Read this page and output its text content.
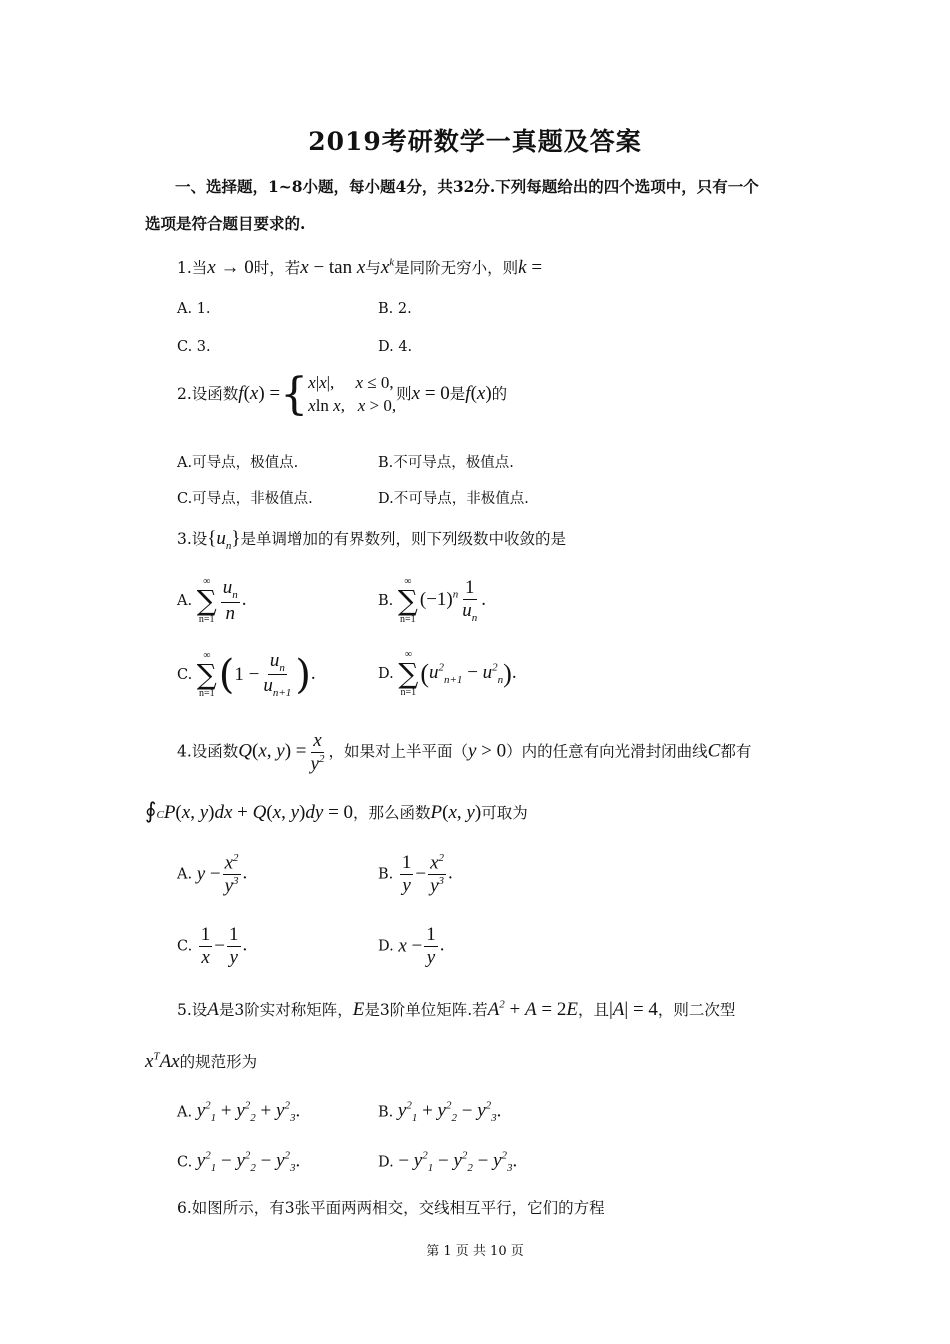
2019考研数学一真题及答案
一、选择题，1~8小题，每小题4分，共32分.下列每题给出的四个选项中，只有一个
选项是符合题目要求的.
1.当x → 0时，若x − tan x与$x^k$是同阶无穷小，则k =
A. 1.	B. 2.
C. 3.	D. 4.
2.设函数f(x) ={ x|x|,     x ≤ 0,
xln x,   x > 0,
则x = 0是f(x)的
A.可导点，极值点.	B.不可导点，极值点.
C.可导点，非极值点.	D.不可导点，非极值点.
3.设$\{u_n\}$是单调增加的有界数列，则下列级数中收敛的是
A.
∞
∑
$n=1 \frac{u_n}{n}$ .	B.
∞
∑
n=1
$(-1)^n \frac{1}{u_n}$ .
C.
∞
∑
n=1 ($1 - \frac{u_n}{u_{n+1}}$ ).	D.
∞
∑
n=1
$(u^2_{n+1} - u^2_n)$.
4.设函数Q(x, $y) = \frac{x}{y^2}$ ，如果对上半平面（y > 0）内的任意有向光滑封闭曲线C都有
∮CP(x, y)dx + Q(x, y)dy = 0，那么函数P(x, y)可取为
A. $y - \frac{x^2}{y^3}$ .	B. $\frac{1}{y} - \frac{x^2}{y^3}$ .
C. $\frac{1}{x} - \frac{1}{y}$ .	D. $x - \frac{1}{y}$ .
5.设A是3阶实对称矩阵，E是3阶单位矩阵.若$A^2 + A = 2E$，且|A| = 4，则二次型
$x^TAx$的规范形为
A. $y^2_1 + y^2_2 + y^2_3$.	B. $y^2_1 + y^2_2 - y^2_3$.
C. $y^2_1 - y^2_2 - y^2_3$.	D. − $y^2_1 - y^2_2 - y^2_3$.
6.如图所示，有3张平面两两相交，交线相互平行，它们的方程
第 1 页 共 10 页
